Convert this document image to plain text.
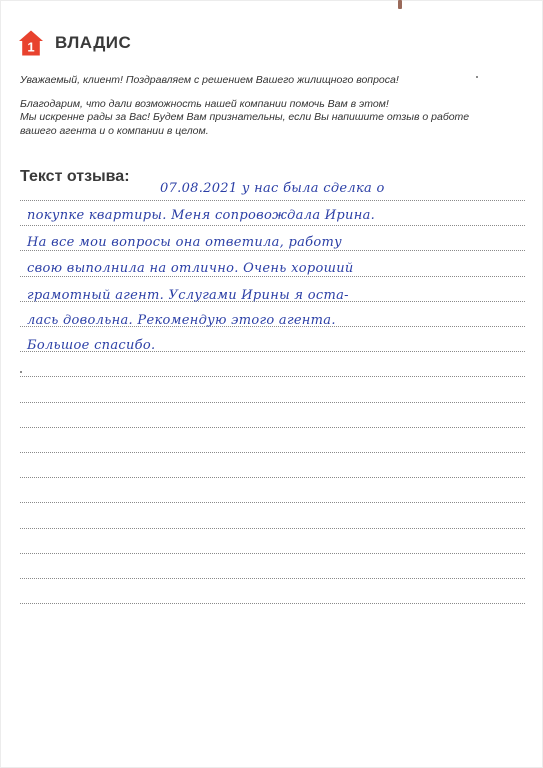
1 ВЛАДИС

Уважаемый, клиент! Поздравляем с решением Вашего жилищного вопроса!

Благодарим, что дали возможность нашей компании помочь Вам в этом!

Мы искренне рады за Вас! Будем Вам признательны, если Вы напишите отзыв о работе

вашего агента и о компании в целом.

Текст отзыва:
07.08.2021 у нас была сделка о
покупке квартиры. Меня сопровождала Ирина.
На все мои вопросы она ответила, работу
свою выполнила на отлично. Очень хороший
грамотный агент. Услугами Ирины я оста-
лась довольна. Рекомендую этого агента.
Большое спасибо.
